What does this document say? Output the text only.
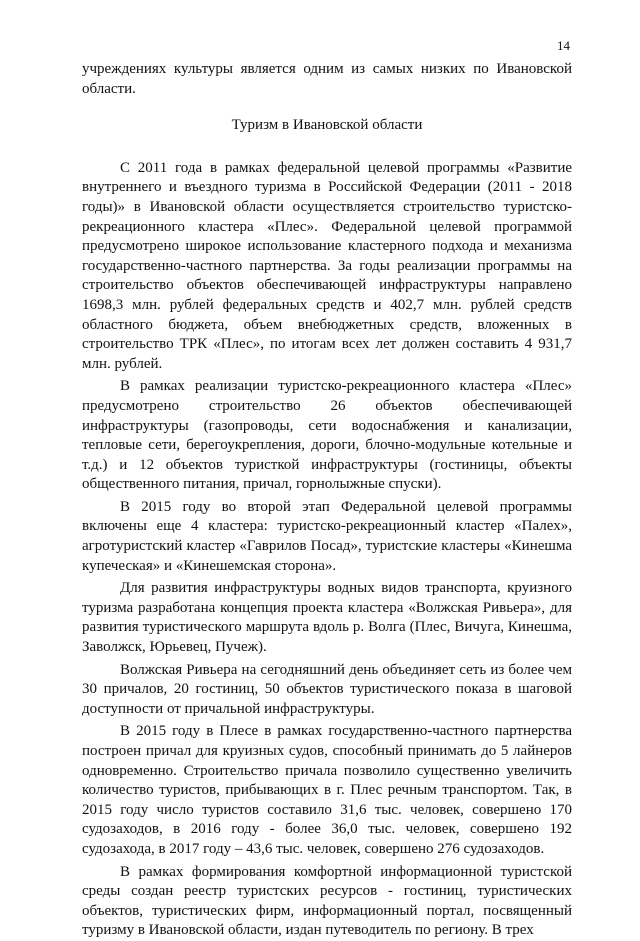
14

учреждениях культуры является одним из самых низких по Ивановской области.

Туризм в Ивановской области

С 2011 года в рамках федеральной целевой программы «Развитие внутреннего и въездного туризма в Российской Федерации (2011 - 2018 годы)» в Ивановской области осуществляется строительство туристско-рекреационного кластера «Плес». Федеральной целевой программой предусмотрено широкое использование кластерного подхода и механизма государственно-частного партнерства. За годы реализации программы на строительство объектов обеспечивающей инфраструктуры направлено 1698,3 млн. рублей федеральных средств и 402,7 млн. рублей средств областного бюджета, объем внебюджетных средств, вложенных в строительство ТРК «Плес», по итогам всех лет должен составить 4 931,7 млн. рублей.

В рамках реализации туристско-рекреационного кластера «Плес» предусмотрено строительство 26 объектов обеспечивающей инфраструктуры (газопроводы, сети водоснабжения и канализации, тепловые сети, берегоукрепления, дороги, блочно-модульные котельные и т.д.) и 12 объектов туристкой инфраструктуры (гостиницы, объекты общественного питания, причал, горнолыжные спуски).

В 2015 году во второй этап Федеральной целевой программы включены еще 4 кластера: туристско-рекреационный кластер «Палех», агротуристский кластер «Гаврилов Посад», туристские кластеры «Кинешма купеческая» и «Кинешемская сторона».

Для развития инфраструктуры водных видов транспорта, круизного туризма разработана концепция проекта кластера «Волжская Ривьера», для развития туристического маршрута вдоль р. Волга (Плес, Вичуга, Кинешма, Заволжск, Юрьевец, Пучеж).

Волжская Ривьера на сегодняшний день объединяет сеть из более чем 30 причалов, 20 гостиниц, 50 объектов туристического показа в шаговой доступности от причальной инфраструктуры.

В 2015 году в Плесе в рамках государственно-частного партнерства построен причал для круизных судов, способный принимать до 5 лайнеров одновременно. Строительство причала позволило существенно увеличить количество туристов, прибывающих в г. Плес речным транспортом. Так, в 2015 году число туристов составило 31,6 тыс. человек, совершено 170 судозаходов, в 2016 году - более 36,0 тыс. человек, совершено 192 судозахода, в 2017 году – 43,6 тыс. человек, совершено 276 судозаходов.

В рамках формирования комфортной информационной туристской среды создан реестр туристских ресурсов - гостиниц, туристических объектов, туристических фирм, информационный портал, посвященный туризму в Ивановской области, издан путеводитель по региону. В трех
